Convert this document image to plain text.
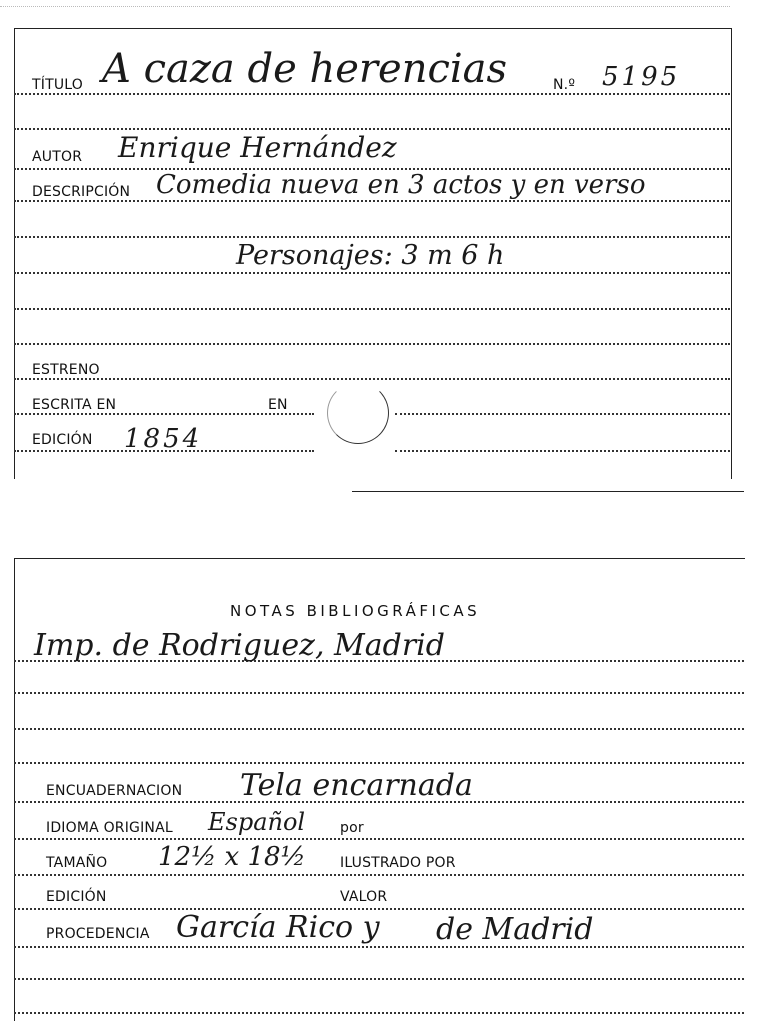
TÍTULO A caza de herencias	N.º 5195
AUTOR Enrique Hernández
DESCRIPCIÓN Comedia nueva en 3 actos y en verso
Personajes: 3 m 6 h
ESTRENO
ESCRITA EN	EN
EDICIÓN 1854
NOTAS BIBLIOGRÁFICAS
Imp. de Rodriguez, Madrid
ENCUADERNACION Tela encarnada
IDIOMA ORIGINAL Español por
TAMAÑO 12½ x 18½ ILUSTRADO POR
EDICIÓN	VALOR
PROCEDENCIA García Rico y de Madrid
